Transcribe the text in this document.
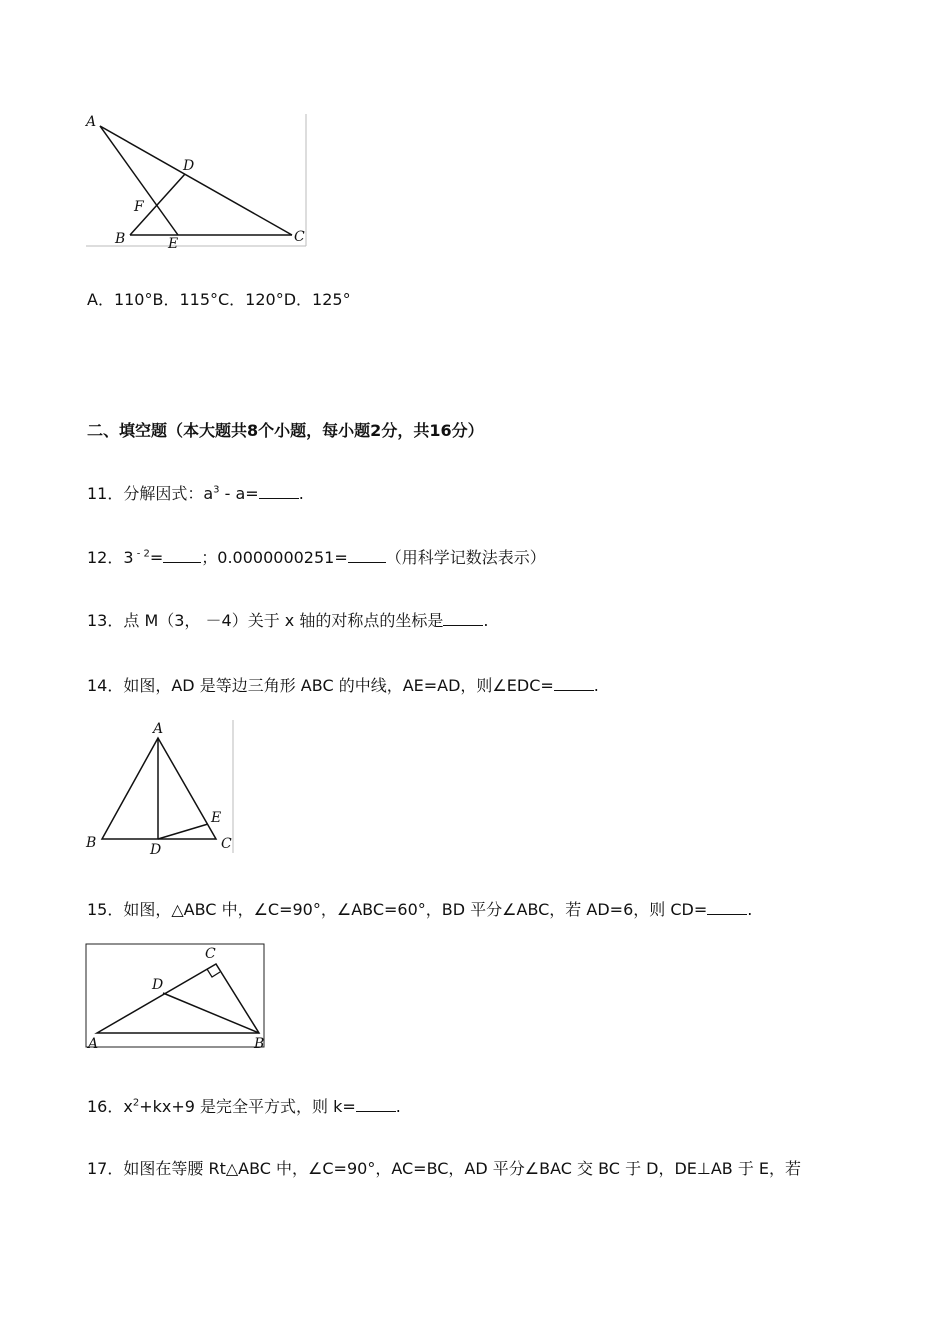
A
D
F
B	E	C
A．110°B．115°C．120°D．125°
二、填空题（本大题共8个小题，每小题2分，共16分）
11．分解因式：$a^3 - a=$	.
12．3 $^{- 2}$= ；0.0000000251= （用科学记数法表示）
13．点 M（3， －4）关于 x 轴的对称点的坐标是	.
14．如图，AD 是等边三角形 ABC 的中线，AE=AD，则∠EDC=	.
A
E
B	D	C
15．如图，△ABC 中，∠C=90°，∠ABC=60°，BD 平分∠ABC，若 AD=6，则 CD=	.
C
D
A	B
16．$x^2+kx+9$ 是完全平方式，则 k=	.
17．如图在等腰 Rt△ABC 中，∠C=90°，AC=BC，AD 平分∠BAC 交 BC 于 D，DE⊥AB 于 E，若
